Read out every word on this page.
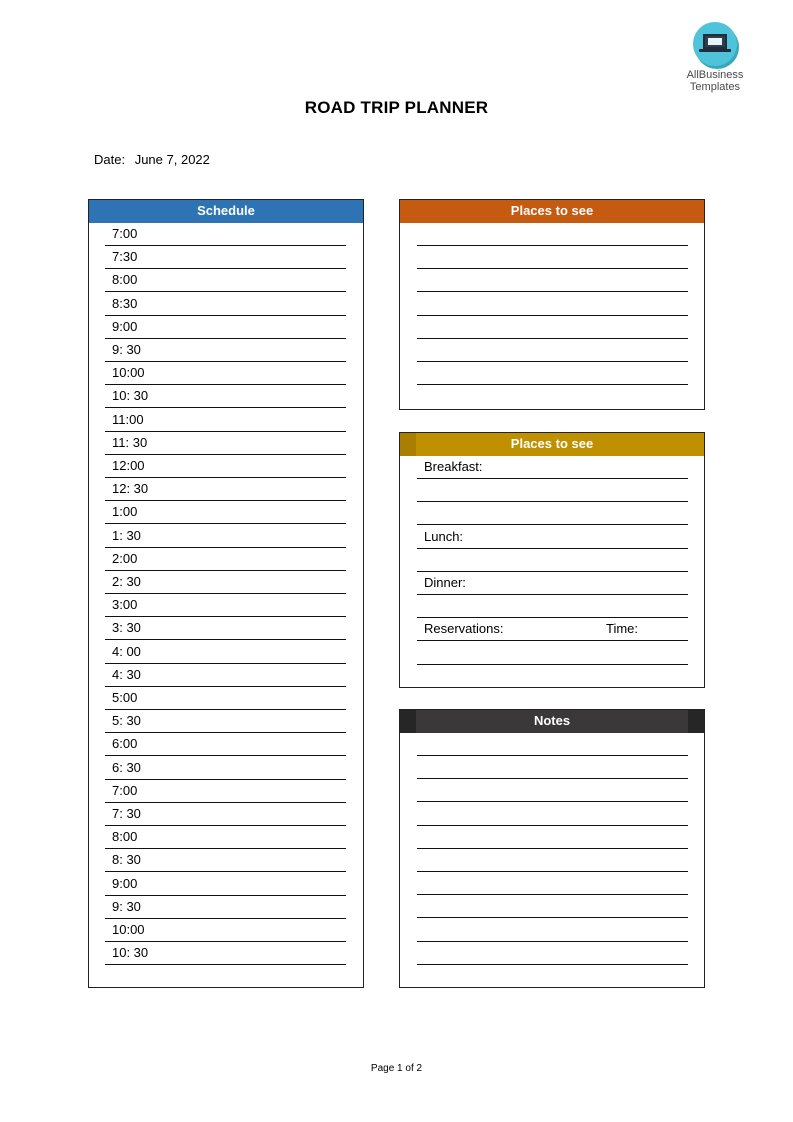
AllBusiness
Templates
ROAD TRIP PLANNER
Date: June 7, 2022
Schedule
7:00
7:30
8:00
8:30
9:00
9: 30
10:00
10: 30
11:00
11: 30
12:00
12: 30
1:00
1: 30
2:00
2: 30
3:00
3: 30
4: 00
4: 30
5:00
5: 30
6:00
6: 30
7:00
7: 30
8:00
8: 30
9:00
9: 30
10:00
10: 30
Places to see
Places to see
Breakfast:
Lunch:
Dinner:
Reservations:	Time:
Notes
Page 1 of 2
